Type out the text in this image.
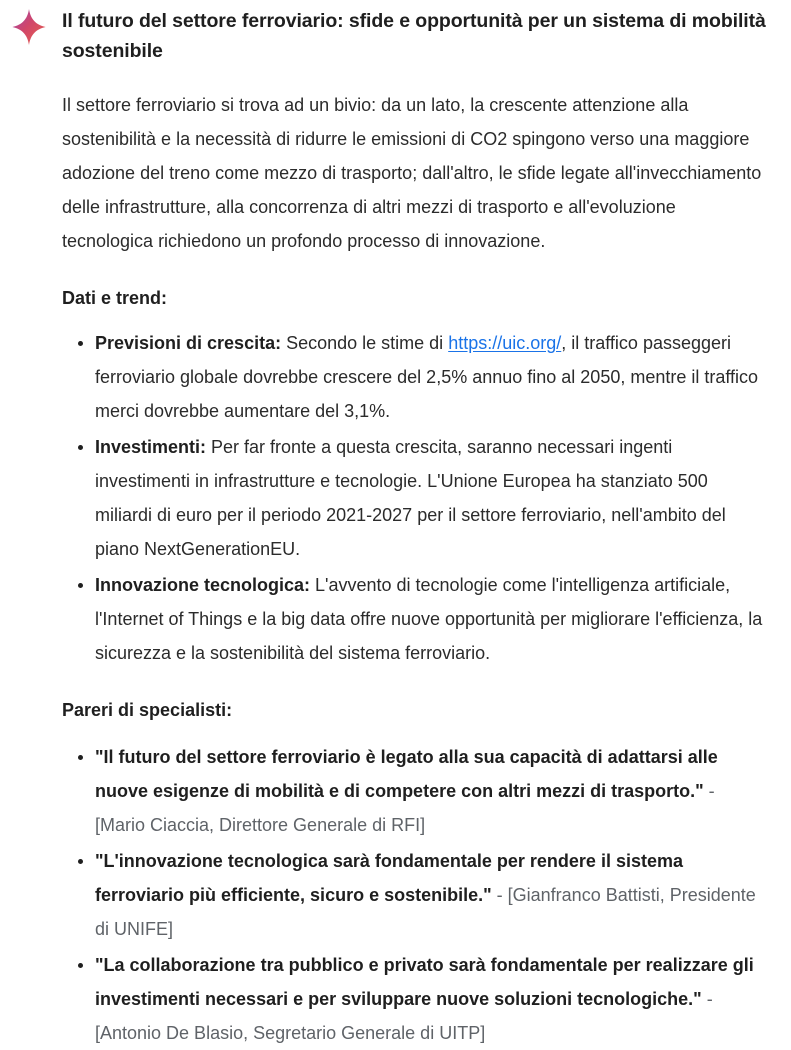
Il futuro del settore ferroviario: sfide e opportunità per un sistema di mobilità sostenibile

Il settore ferroviario si trova ad un bivio: da un lato, la crescente attenzione alla sostenibilità e la necessità di ridurre le emissioni di CO2 spingono verso una maggiore adozione del treno come mezzo di trasporto; dall'altro, le sfide legate all'invecchiamento delle infrastrutture, alla concorrenza di altri mezzi di trasporto e all'evoluzione tecnologica richiedono un profondo processo di innovazione.

Dati e trend:
Previsioni di crescita: Secondo le stime di https://uic.org/, il traffico passeggeri ferroviario globale dovrebbe crescere del 2,5% annuo fino al 2050, mentre il traffico merci dovrebbe aumentare del 3,1%.
Investimenti: Per far fronte a questa crescita, saranno necessari ingenti investimenti in infrastrutture e tecnologie. L'Unione Europea ha stanziato 500 miliardi di euro per il periodo 2021-2027 per il settore ferroviario, nell'ambito del piano NextGenerationEU.
Innovazione tecnologica: L'avvento di tecnologie come l'intelligenza artificiale, l'Internet of Things e la big data offre nuove opportunità per migliorare l'efficienza, la sicurezza e la sostenibilità del sistema ferroviario.
Pareri di specialisti:
"Il futuro del settore ferroviario è legato alla sua capacità di adattarsi alle nuove esigenze di mobilità e di competere con altri mezzi di trasporto." - [Mario Ciaccia, Direttore Generale di RFI]
"L'innovazione tecnologica sarà fondamentale per rendere il sistema ferroviario più efficiente, sicuro e sostenibile." - [Gianfranco Battisti, Presidente di UNIFE]
"La collaborazione tra pubblico e privato sarà fondamentale per realizzare gli investimenti necessari e per sviluppare nuove soluzioni tecnologiche." - [Antonio De Blasio, Segretario Generale di UITP]
